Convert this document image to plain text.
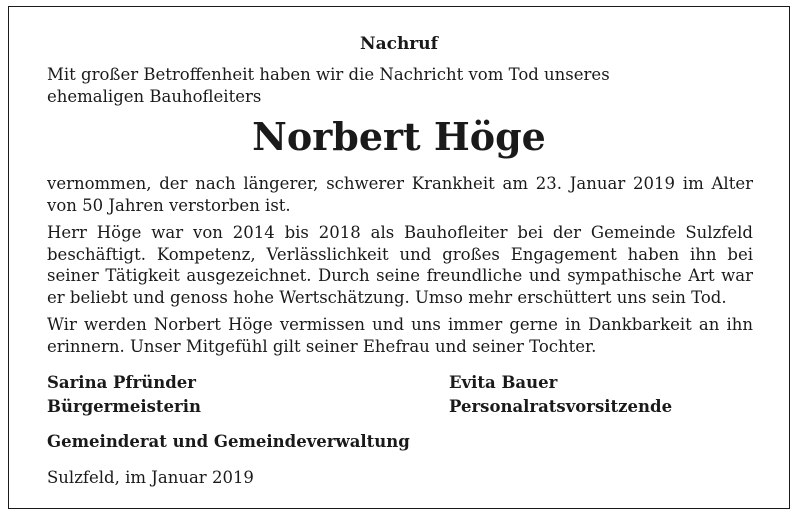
Nachruf
Mit großer Betroffenheit haben wir die Nachricht vom Tod unseres
ehemaligen Bauhofleiters
Norbert Höge

vernommen, der nach längerer, schwerer Krankheit am 23. Januar 2019 im Alter von 50 Jahren verstorben ist.

Herr Höge war von 2014 bis 2018 als Bauhofleiter bei der Gemeinde Sulzfeld beschäftigt. Kompetenz, Verlässlichkeit und großes Engagement haben ihn bei seiner Tätigkeit ausgezeichnet. Durch seine freundliche und sympathische Art war er beliebt und genoss hohe Wertschätzung. Umso mehr erschüttert uns sein Tod.

Wir werden Norbert Höge vermissen und uns immer gerne in Dankbarkeit an ihn erinnern. Unser Mitgefühl gilt seiner Ehefrau und seiner Tochter.

Sarina Pfründer
Bürgermeisterin
Evita Bauer
Personalratsvorsitzende
Gemeinderat und Gemeindeverwaltung
Sulzfeld, im Januar 2019
